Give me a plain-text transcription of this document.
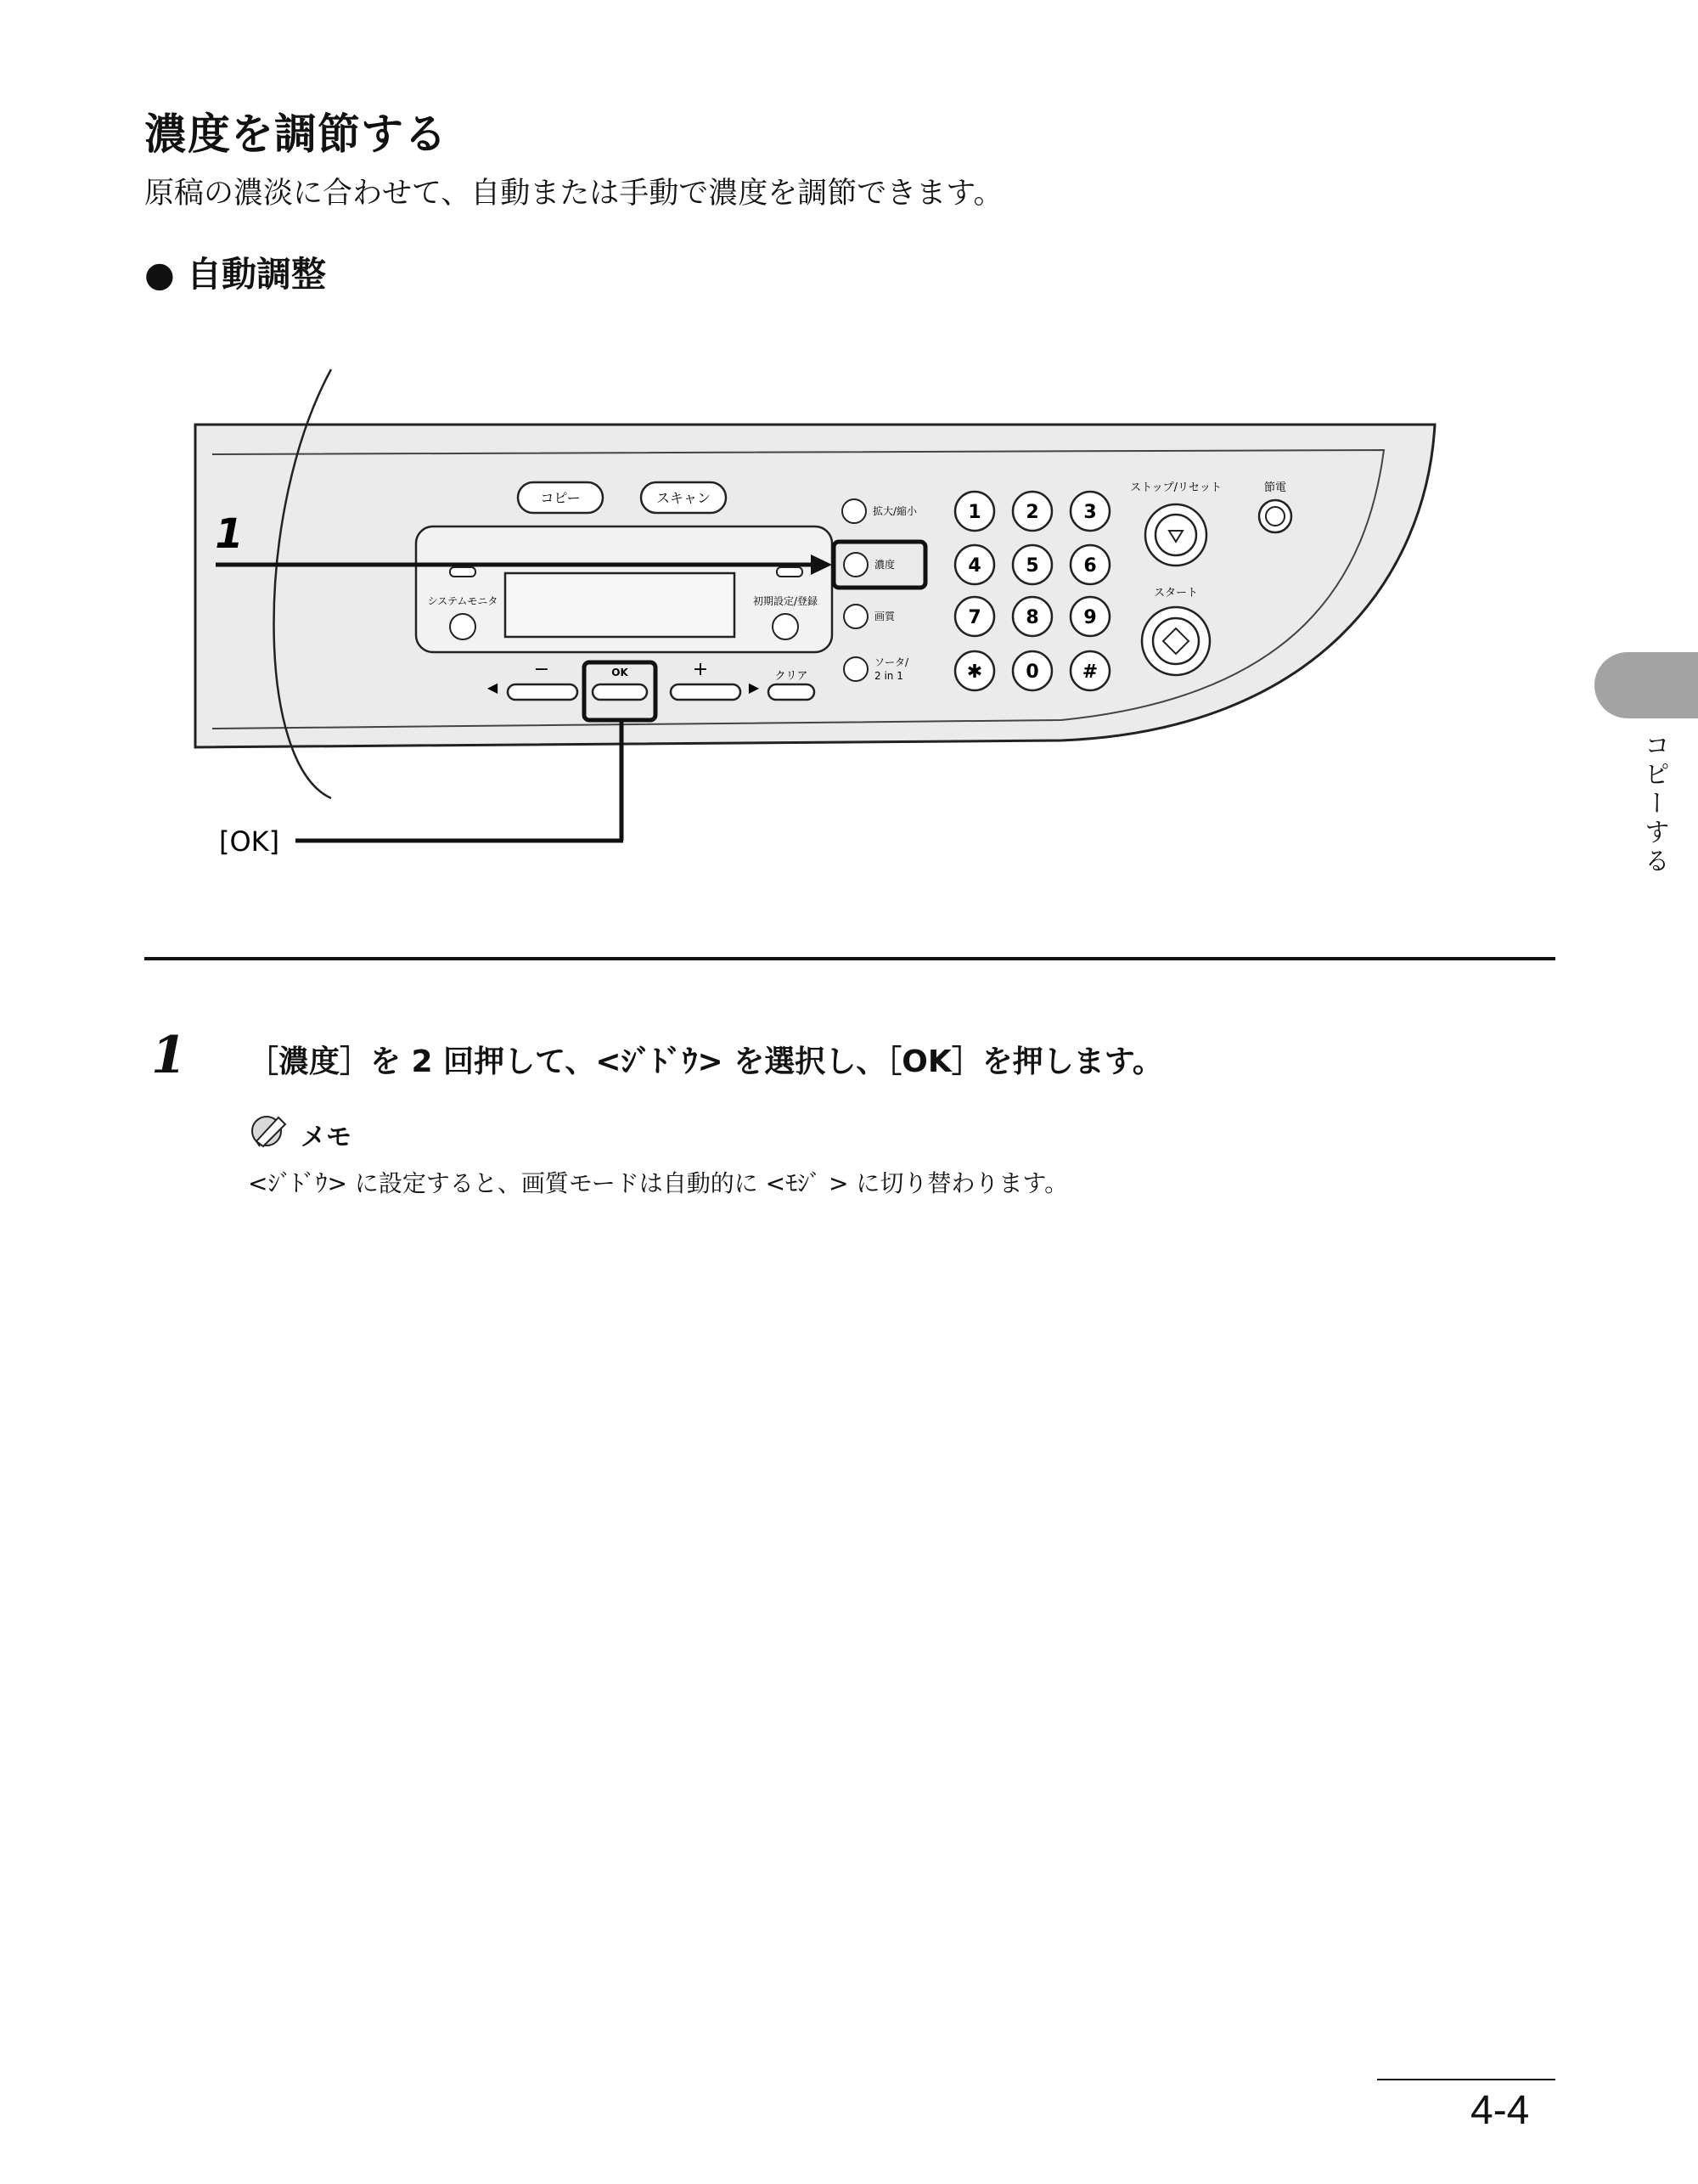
濃度を調節する
原稿の濃淡に合わせて、自動または手動で濃度を調節できます。
● 自動調整
システムモニタ	初期設定/登録
コピー	スキャン
−
◀
OK	+
▶
クリア
拡大/縮小
濃度
画質
ソータ/
2 in 1
1 2 3
4 5 6
7 8 9
✱ 0 #
ストップ/リセット	節電
スタート
1
[OK]
1 ［濃度］を 2 回押して、<ｼﾞﾄﾞｳ> を選択し、［OK］を押します。
メモ
<ｼﾞﾄﾞｳ> に設定すると、画質モードは自動的に <ﾓｼﾞ > に切り替わります。
コピーする
4-4
